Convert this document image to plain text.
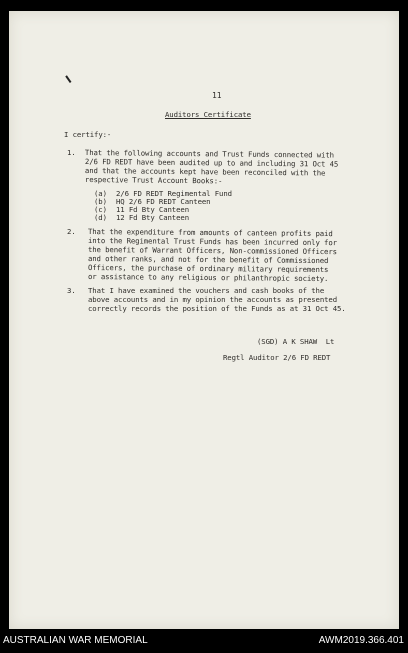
11
Auditors Certificate
I certify:-
1. That the following accounts and Trust Funds connected with
2/6 FD REDT have been audited up to and including 31 Oct 45
and that the accounts kept have been reconciled with the
respective Trust Account Books:-
(a) 2/6 FD REDT Regimental Fund
(b) HQ 2/6 FD REDT Canteen
(c) 11 Fd Bty Canteen
(d) 12 Fd Bty Canteen
2. That the expenditure from amounts of canteen profits paid
into the Regimental Trust Funds has been incurred only for
the benefit of Warrant Officers, Non-commissioned Officers
and other ranks, and not for the benefit of Commissioned
Officers, the purchase of ordinary military requirements
or assistance to any religious or philanthropic society.
3. That I have examined the vouchers and cash books of the
above accounts and in my opinion the accounts as presented
correctly records the position of the Funds as at 31 Oct 45.
(SGD) A K SHAW  Lt
Regtl Auditor 2/6 FD REDT
AUSTRALIAN WAR MEMORIAL	AWM2019.366.401
